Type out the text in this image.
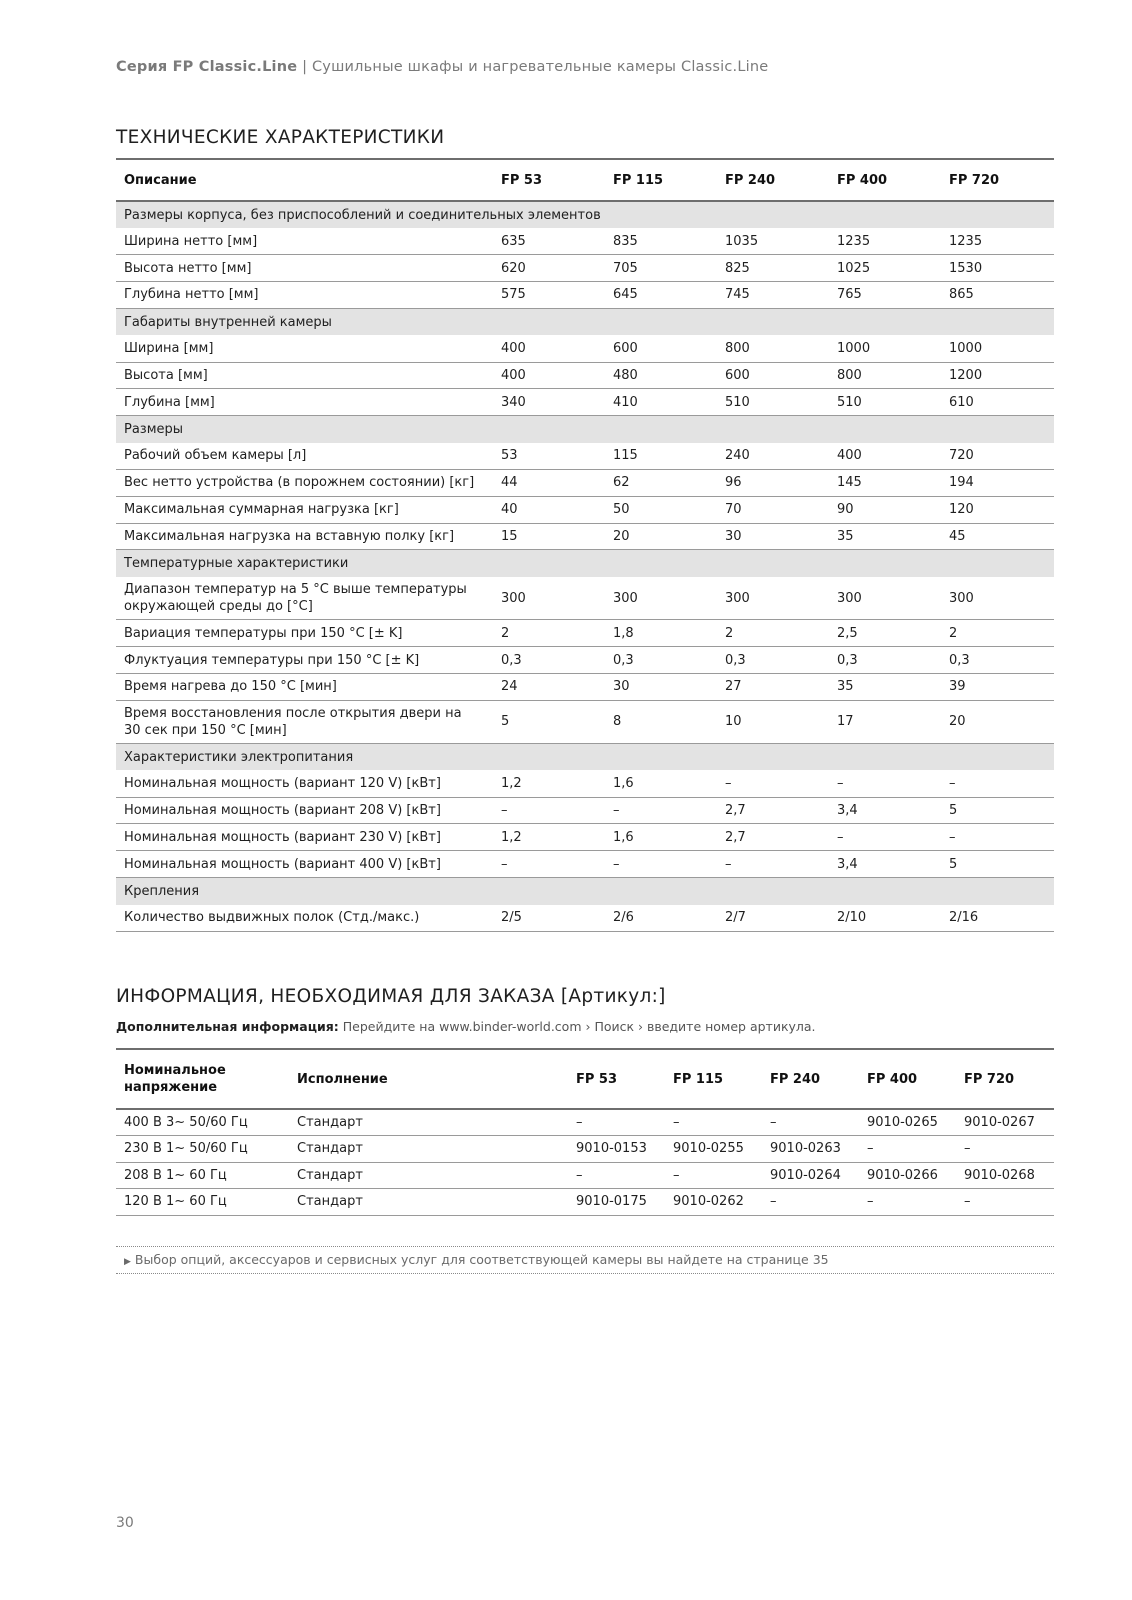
Серия FP Classic.Line | Сушильные шкафы и нагревательные камеры Classic.Line
ТЕХНИЧЕСКИЕ ХАРАКТЕРИСТИКИ
Описание	FP 53	FP 115	FP 240	FP 400	FP 720
Размеры корпуса, без приспособлений и соединительных элементов					
Ширина нетто [мм]	635	835	1035	1235	1235
Высота нетто [мм]	620	705	825	1025	1530
Глубина нетто [мм]	575	645	745	765	865
Габариты внутренней камеры					
Ширина [мм]	400	600	800	1000	1000
Высота [мм]	400	480	600	800	1200
Глубина [мм]	340	410	510	510	610
Размеры					
Рабочий объем камеры [л]	53	115	240	400	720
Вес нетто устройства (в порожнем состоянии) [кг]	44	62	96	145	194
Максимальная суммарная нагрузка [кг]	40	50	70	90	120
Максимальная нагрузка на вставную полку [кг]	15	20	30	35	45
Температурные характеристики					
Диапазон температур на 5 °C выше температуры окружающей среды до [°C]	300	300	300	300	300
Вариация температуры при 150 °C [± K]	2	1,8	2	2,5	2
Флуктуация температуры при 150 °C [± K]	0,3	0,3	0,3	0,3	0,3
Время нагрева до 150 °C [мин]	24	30	27	35	39
Время восстановления после открытия двери на 30 сек при 150 °C [мин]	5	8	10	17	20
Характеристики электропитания					
Номинальная мощность (вариант 120 V) [кВт]	1,2	1,6	–	–	–
Номинальная мощность (вариант 208 V) [кВт]	–	–	2,7	3,4	5
Номинальная мощность (вариант 230 V) [кВт]	1,2	1,6	2,7	–	–
Номинальная мощность (вариант 400 V) [кВт]	–	–	–	3,4	5
Крепления					
Количество выдвижных полок (Стд./макс.)	2/5	2/6	2/7	2/10	2/16
ИНФОРМАЦИЯ, НЕОБХОДИМАЯ ДЛЯ ЗАКАЗА [Артикул:]
Дополнительная информация: Перейдите на www.binder-world.com › Поиск › введите номер артикула.
Номинальное напряжение	Исполнение	FP 53	FP 115	FP 240	FP 400	FP 720
400 В 3~ 50/60 Гц	Стандарт	–	–	–	9010-0265	9010-0267
230 В 1~ 50/60 Гц	Стандарт	9010-0153	9010-0255	9010-0263	–	–
208 В 1~ 60 Гц	Стандарт	–	–	9010-0264	9010-0266	9010-0268
120 В 1~ 60 Гц	Стандарт	9010-0175	9010-0262	–	–	–
▶ Выбор опций, аксессуаров и сервисных услуг для соответствующей камеры вы найдете на странице 35
30
